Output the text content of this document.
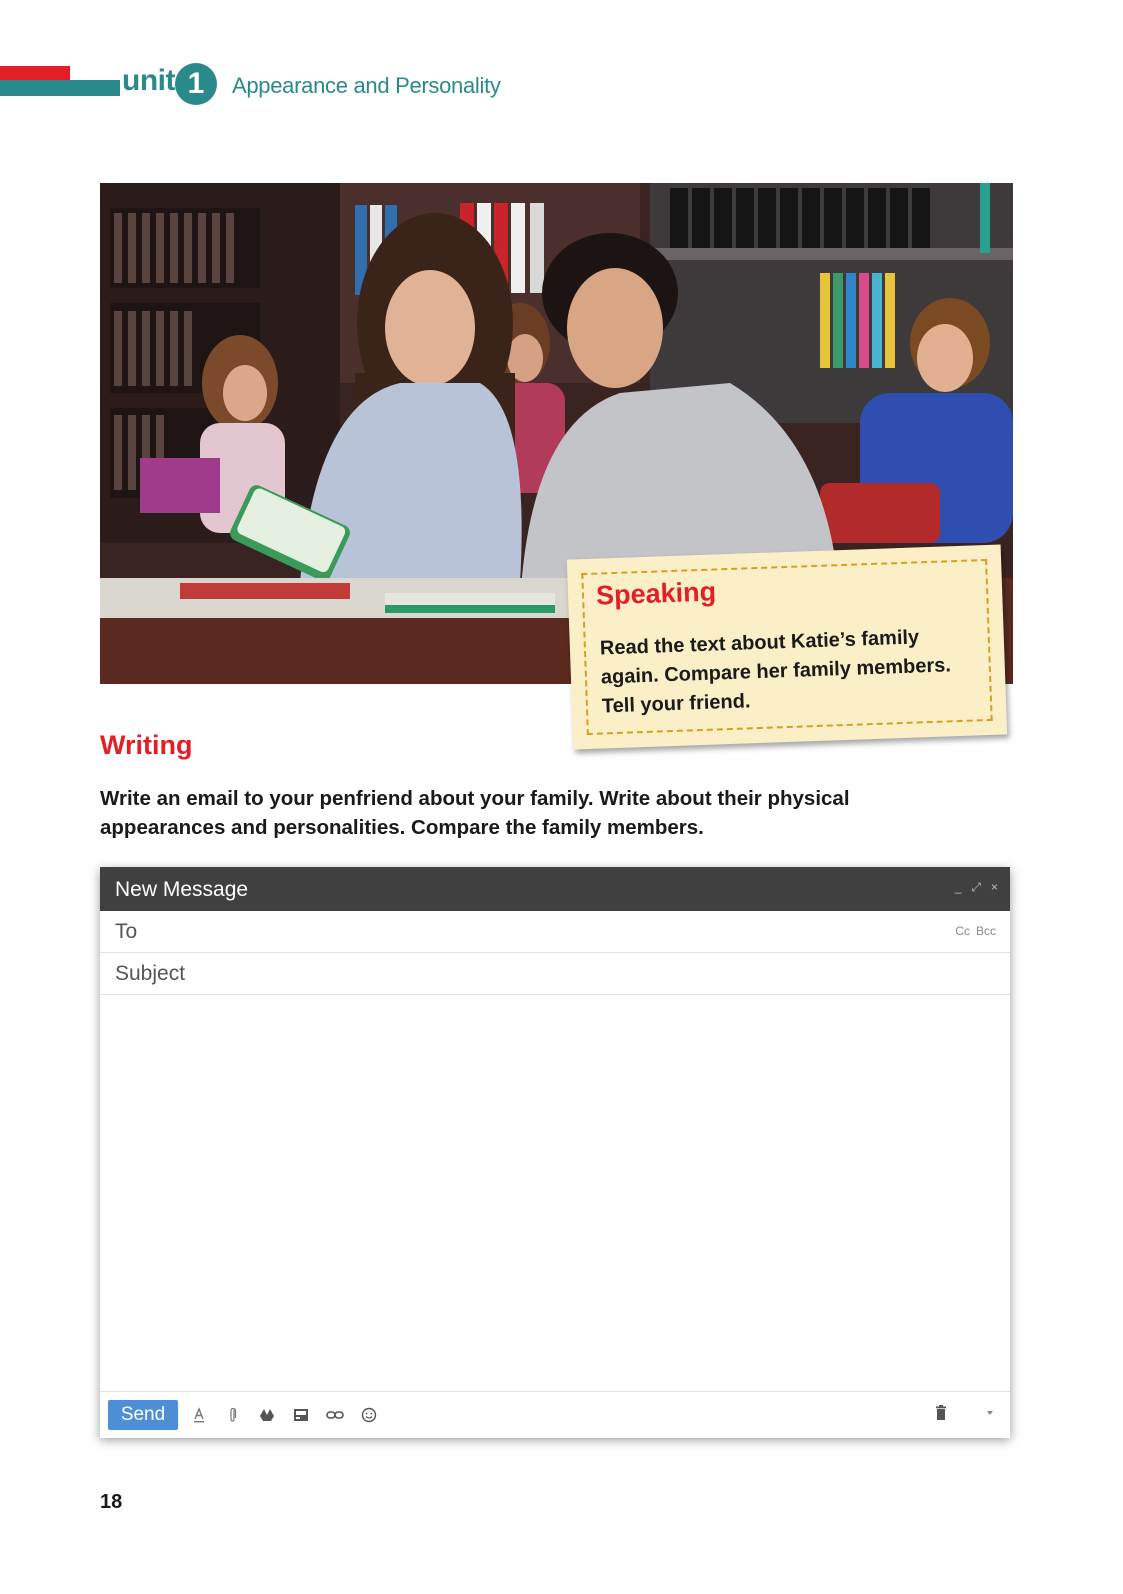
unit 1	Appearance and Personality
Speaking
Read the text about Katie’s family again. Compare her family members. Tell your friend.
Writing
Write an email to your penfriend about your family. Write about their physical appearances and personalities. Compare the family members.
New Message	_ ⤢ ×
To	Cc Bcc
Subject
Send
18
